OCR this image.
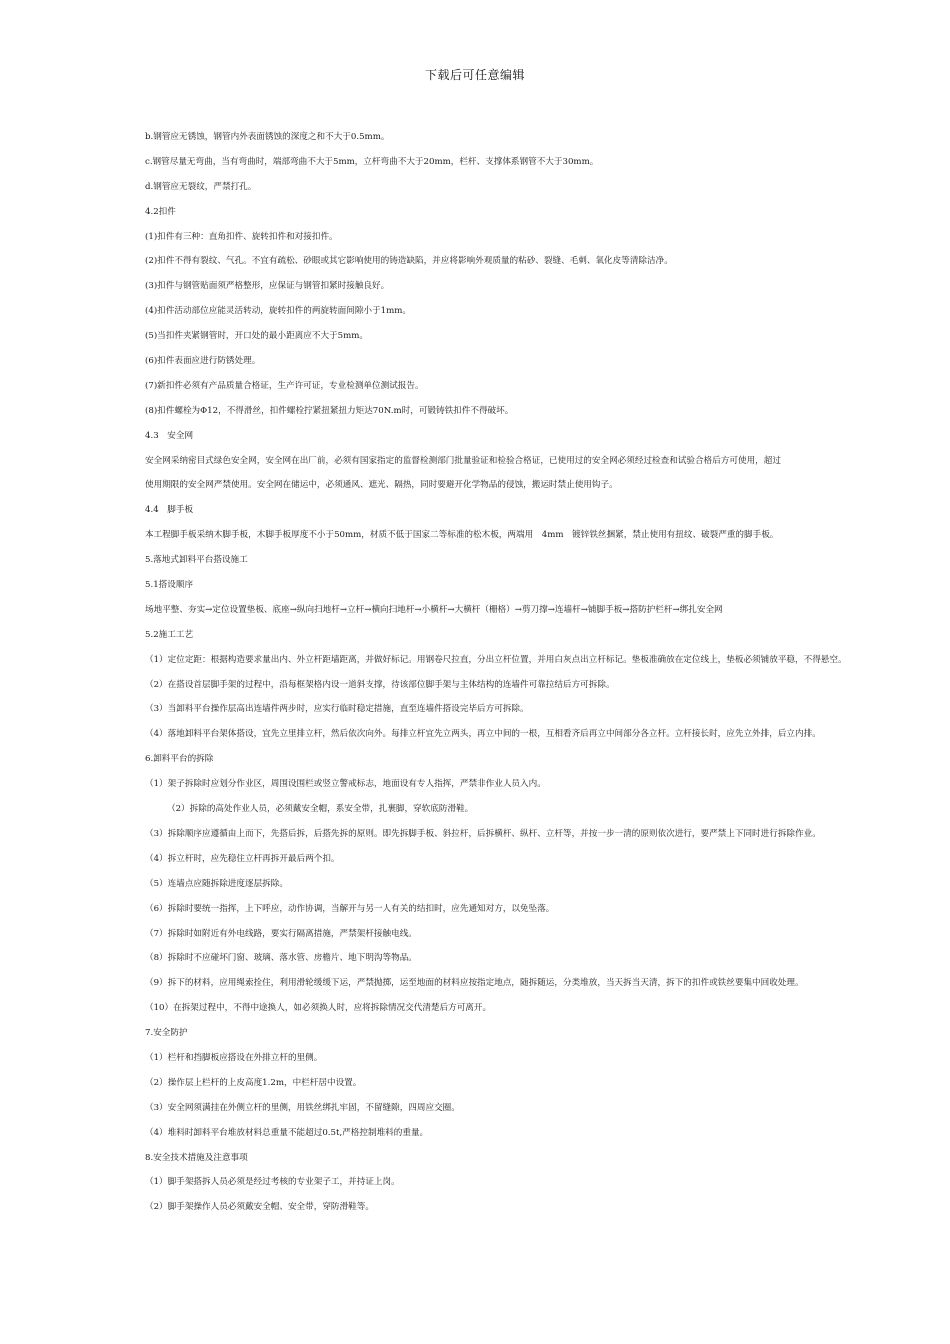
下载后可任意编辑
b.钢管应无锈蚀，钢管内外表面锈蚀的深度之和不大于0.5mm。
c.钢管尽量无弯曲，当有弯曲时，端部弯曲不大于5mm，立杆弯曲不大于20mm，栏杆、支撑体系钢管不大于30mm。
d.钢管应无裂纹，严禁打孔。
4.2扣件
(1)扣件有三种：直角扣件、旋转扣件和对接扣件。
(2)扣件不得有裂纹、气孔。不宜有疏松、砂眼或其它影响使用的铸造缺陷，并应将影响外观质量的粘砂、裂缝、毛刺、氧化皮等清除洁净。
(3)扣件与钢管贴面须严格整形，应保证与钢管扣紧时接触良好。
(4)扣件活动部位应能灵活转动，旋转扣件的两旋转面间隙小于1mm。
(5)当扣件夹紧钢管时，开口处的最小距离应不大于5mm。
(6)扣件表面应进行防锈处理。
(7)新扣件必须有产品质量合格证，生产许可证，专业检测单位测试报告。
(8)扣件螺栓为Φ12，不得滑丝，扣件螺栓拧紧扭紧扭力矩达70N.m时，可锻铸铁扣件不得破坏。
4.3　安全网
安全网采纳密目式绿色安全网，安全网在出厂前，必须有国家指定的监督检测部门批量验证和检验合格证，已使用过的安全网必须经过检查和试验合格后方可使用，超过
使用期限的安全网严禁使用。安全网在储运中，必须通风、遮光、隔热，同时要避开化学物品的侵蚀，搬运时禁止使用钩子。
4.4　脚手板
本工程脚手板采纳木脚手板，木脚手板厚度不小于50mm，材质不低于国家二等标准的松木板，两端用　4mm　镀锌铁丝捆紧，禁止使用有扭纹、破裂严重的脚手板。
5.落地式卸料平台搭设施工
5.1搭设顺序
场地平整、夯实→定位设置垫板、底座→纵向扫地杆→立杆→横向扫地杆→小横杆→大横杆（栅格）→剪刀撑→连墙杆→铺脚手板→搭防护栏杆→绑扎安全网
5.2施工工艺
（1）定位定距：根据构造要求量出内、外立杆距墙距离，并做好标记。用钢卷尺拉直，分出立杆位置，并用白灰点出立杆标记。垫板准确放在定位线上，垫板必须铺放平稳，不得悬空。
（2）在搭设首层脚手架的过程中，沿每框架格内设一道斜支撑，待该部位脚手架与主体结构的连墙件可靠拉结后方可拆除。
（3）当卸料平台操作层高出连墙件两步时，应实行临时稳定措施，直至连墙件搭设完毕后方可拆除。
（4）落地卸料平台架体搭设，宜先立里排立杆，然后依次向外。每排立杆宜先立两头，再立中间的一根，互相看齐后再立中间部分各立杆。立杆接长时，应先立外排，后立内排。
6.卸料平台的拆除
（1）架子拆除时应划分作业区，周围设围栏或竖立警戒标志，地面设有专人指挥，严禁非作业人员入内。
（2）拆除的高处作业人员，必须戴安全帽，系安全带，扎裹脚，穿软底防滑鞋。
（3）拆除顺序应遵循由上而下，先搭后拆，后搭先拆的原则。即先拆脚手板、斜拉杆，后拆横杆、纵杆、立杆等，并按一步一清的原则依次进行，要严禁上下同时进行拆除作业。
（4）拆立杆时，应先稳住立杆再拆开最后两个扣。
（5）连墙点应随拆除进度逐层拆除。
（6）拆除时要统一指挥，上下呼应，动作协调，当解开与另一人有关的结扣时，应先通知对方，以免坠落。
（7）拆除时如附近有外电线路，要实行隔离措施，严禁架杆接触电线。
（8）拆除时不应碰坏门窗、玻璃、落水管、房檐片、地下明沟等物品。
（9）拆下的材料，应用绳索拴住，利用滑轮缓缓下运，严禁抛掷，运至地面的材料应按指定地点，随拆随运，分类堆放，当天拆当天清，拆下的扣件或铁丝要集中回收处理。
（10）在拆架过程中，不得中途换人，如必须换人时，应将拆除情况交代清楚后方可离开。
7.安全防护
（1）栏杆和挡脚板应搭设在外排立杆的里侧。
（2）操作层上栏杆的上皮高度1.2m，中栏杆居中设置。
（3）安全网须满挂在外侧立杆的里侧，用铁丝绑扎牢固，不留缝隙，四周应交圈。
（4）堆料时卸料平台堆放材料总重量不能超过0.5t,严格控制堆料的重量。
8.安全技术措施及注意事项
（1）脚手架搭拆人员必须是经过考核的专业架子工，并持证上岗。
（2）脚手架操作人员必须戴安全帽、安全带，穿防滑鞋等。
